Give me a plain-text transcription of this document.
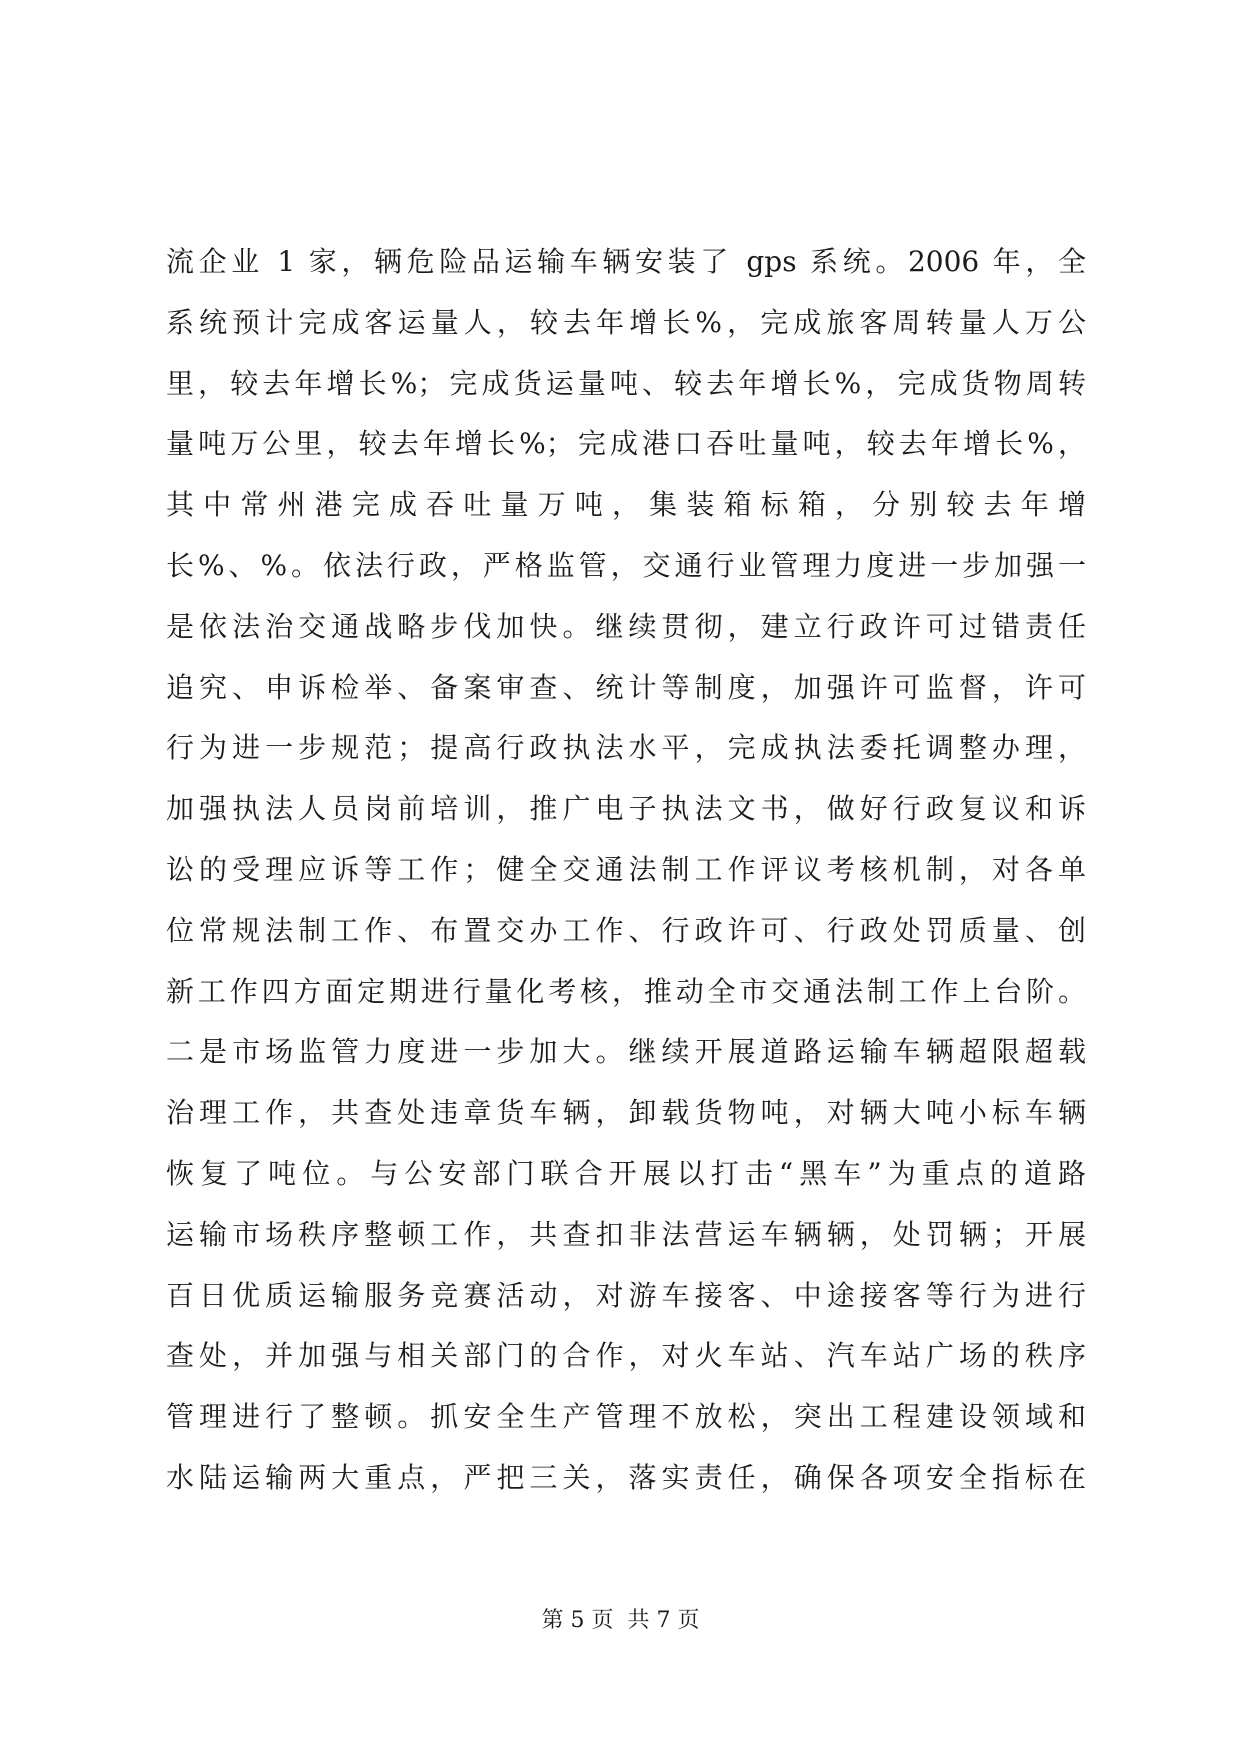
流企业 1 家，辆危险品运输车辆安装了 gps 系统。2006 年，全
系统预计完成客运量人，较去年增长%，完成旅客周转量人万公
里，较去年增长%；完成货运量吨、较去年增长%，完成货物周转
量吨万公里，较去年增长%；完成港口吞吐量吨，较去年增长%，
其中常州港完成吞吐量万吨，集装箱标箱，分别较去年增
长%、%。依法行政，严格监管，交通行业管理力度进一步加强一
是依法治交通战略步伐加快。继续贯彻，建立行政许可过错责任
追究、申诉检举、备案审查、统计等制度，加强许可监督，许可
行为进一步规范；提高行政执法水平，完成执法委托调整办理，
加强执法人员岗前培训，推广电子执法文书，做好行政复议和诉
讼的受理应诉等工作；健全交通法制工作评议考核机制，对各单
位常规法制工作、布置交办工作、行政许可、行政处罚质量、创
新工作四方面定期进行量化考核，推动全市交通法制工作上台阶。
二是市场监管力度进一步加大。继续开展道路运输车辆超限超载
治理工作，共查处违章货车辆，卸载货物吨，对辆大吨小标车辆
恢复了吨位。与公安部门联合开展以打击“黑车”为重点的道路
运输市场秩序整顿工作，共查扣非法营运车辆辆，处罚辆；开展
百日优质运输服务竞赛活动，对游车接客、中途接客等行为进行
查处，并加强与相关部门的合作，对火车站、汽车站广场的秩序
管理进行了整顿。抓安全生产管理不放松，突出工程建设领域和
水陆运输两大重点，严把三关，落实责任，确保各项安全指标在
第 5 页  共 7 页
